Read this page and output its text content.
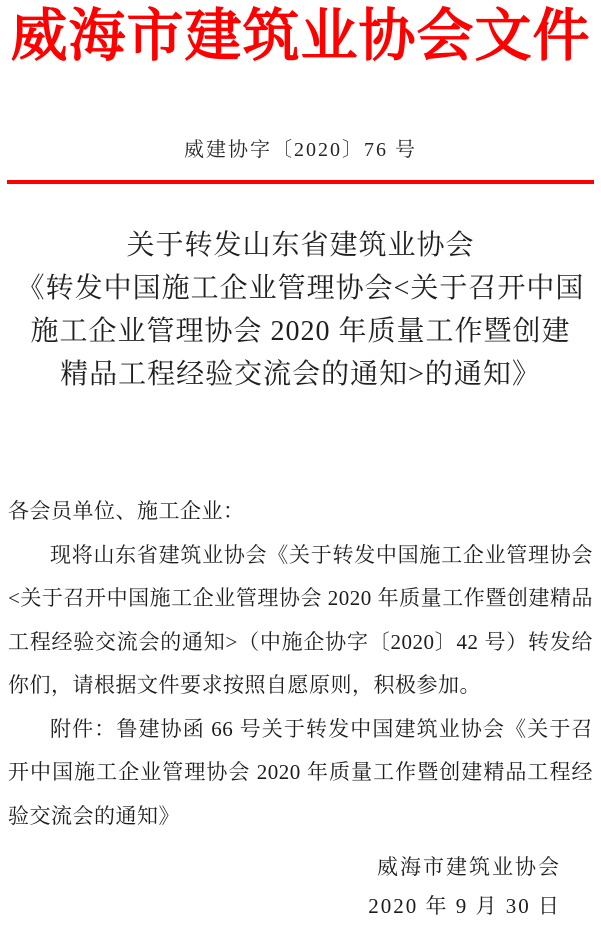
威海市建筑业协会文件
威建协字〔2020〕76 号
关于转发山东省建筑业协会
《转发中国施工企业管理协会<关于召开中国
施工企业管理协会 2020 年质量工作暨创建
精品工程经验交流会的通知>的通知》
各会员单位、施工企业：

现将山东省建筑业协会《关于转发中国施工企业管理协会<关于召开中国施工企业管理协会 2020 年质量工作暨创建精品工程经验交流会的通知>（中施企协字〔2020〕42 号）转发给你们，请根据文件要求按照自愿原则，积极参加。

附件：鲁建协函 66 号关于转发中国建筑业协会《关于召开中国施工企业管理协会 2020 年质量工作暨创建精品工程经验交流会的通知》

威海市建筑业协会
2020 年 9 月 30 日
